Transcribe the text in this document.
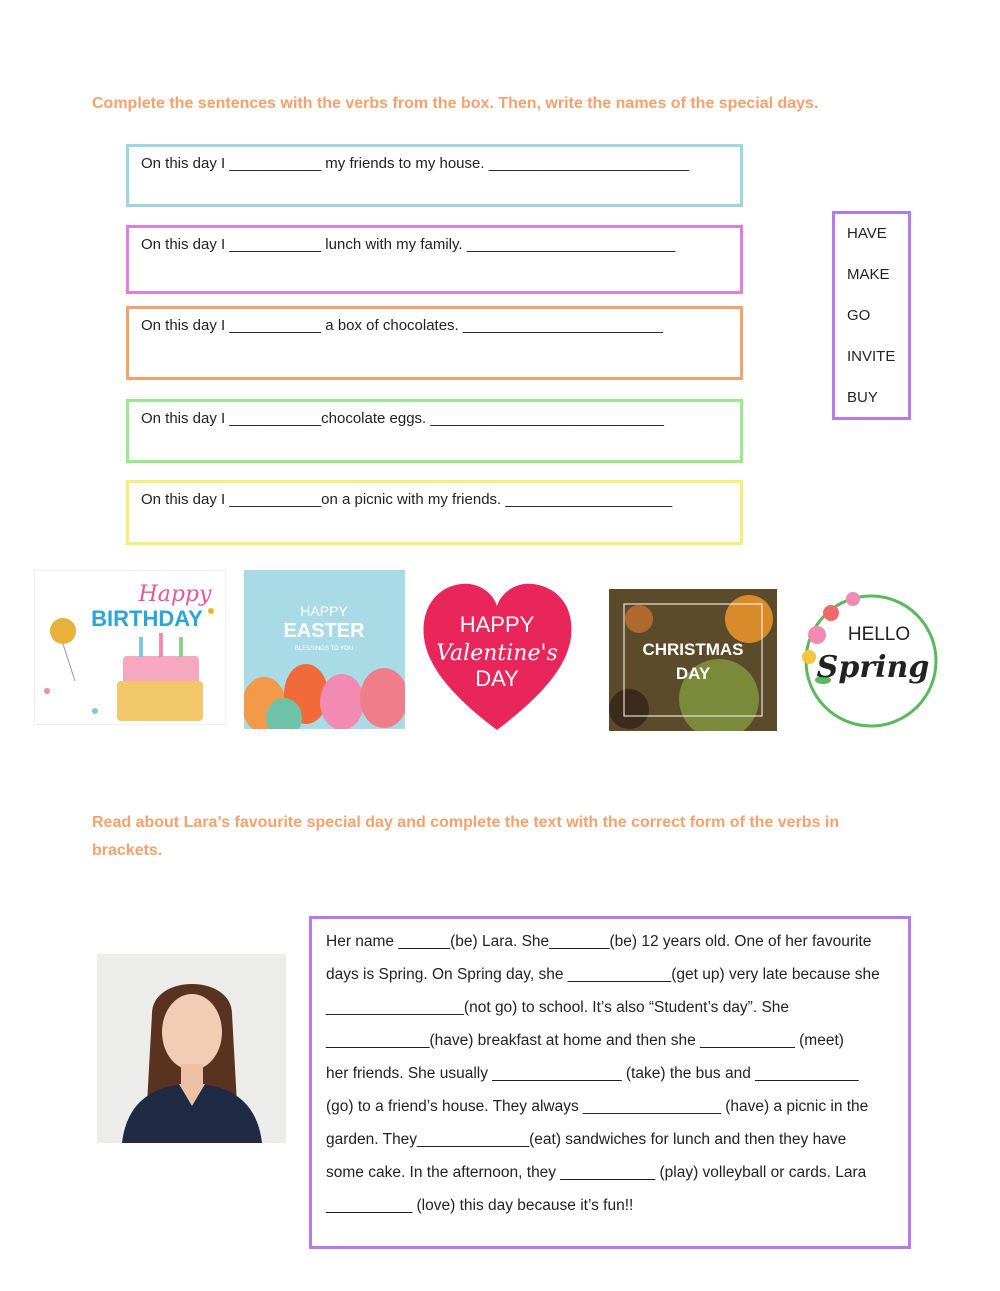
Complete the sentences with the verbs from the box. Then, write the names of the special days.
On this day I ___________ my friends to my house. ________________________
On this day I ___________ lunch with my family. _________________________
On this day I ___________ a box of chocolates. ________________________
On this day I ___________chocolate eggs. ____________________________
On this day I ___________on a picnic with my friends. ____________________
HAVE
MAKE
GO
INVITE
BUY
Happy
BIRTHDAY	HAPPY
EASTER
BLESSINGS TO YOU
HAPPY
Valentine's
DAY
CHRISTMAS
DAY
HELLO
Spring
Read about Lara’s favourite special day and complete the text with the correct form of the verbs in
brackets.
Her name ______(be) Lara. She_______(be) 12 years old. One of her favourite
days is Spring. On Spring day, she ____________(get up) very late because she
________________(not go) to school. It’s also “Student’s day”. She
____________(have) breakfast at home and then she ___________ (meet)
her friends. She usually _______________ (take) the bus and ____________
(go) to a friend’s house. They always ________________ (have) a picnic in the
garden. They_____________(eat) sandwiches for lunch and then they have
some cake. In the afternoon, they ___________ (play) volleyball or cards. Lara
__________ (love) this day because it’s fun!!
